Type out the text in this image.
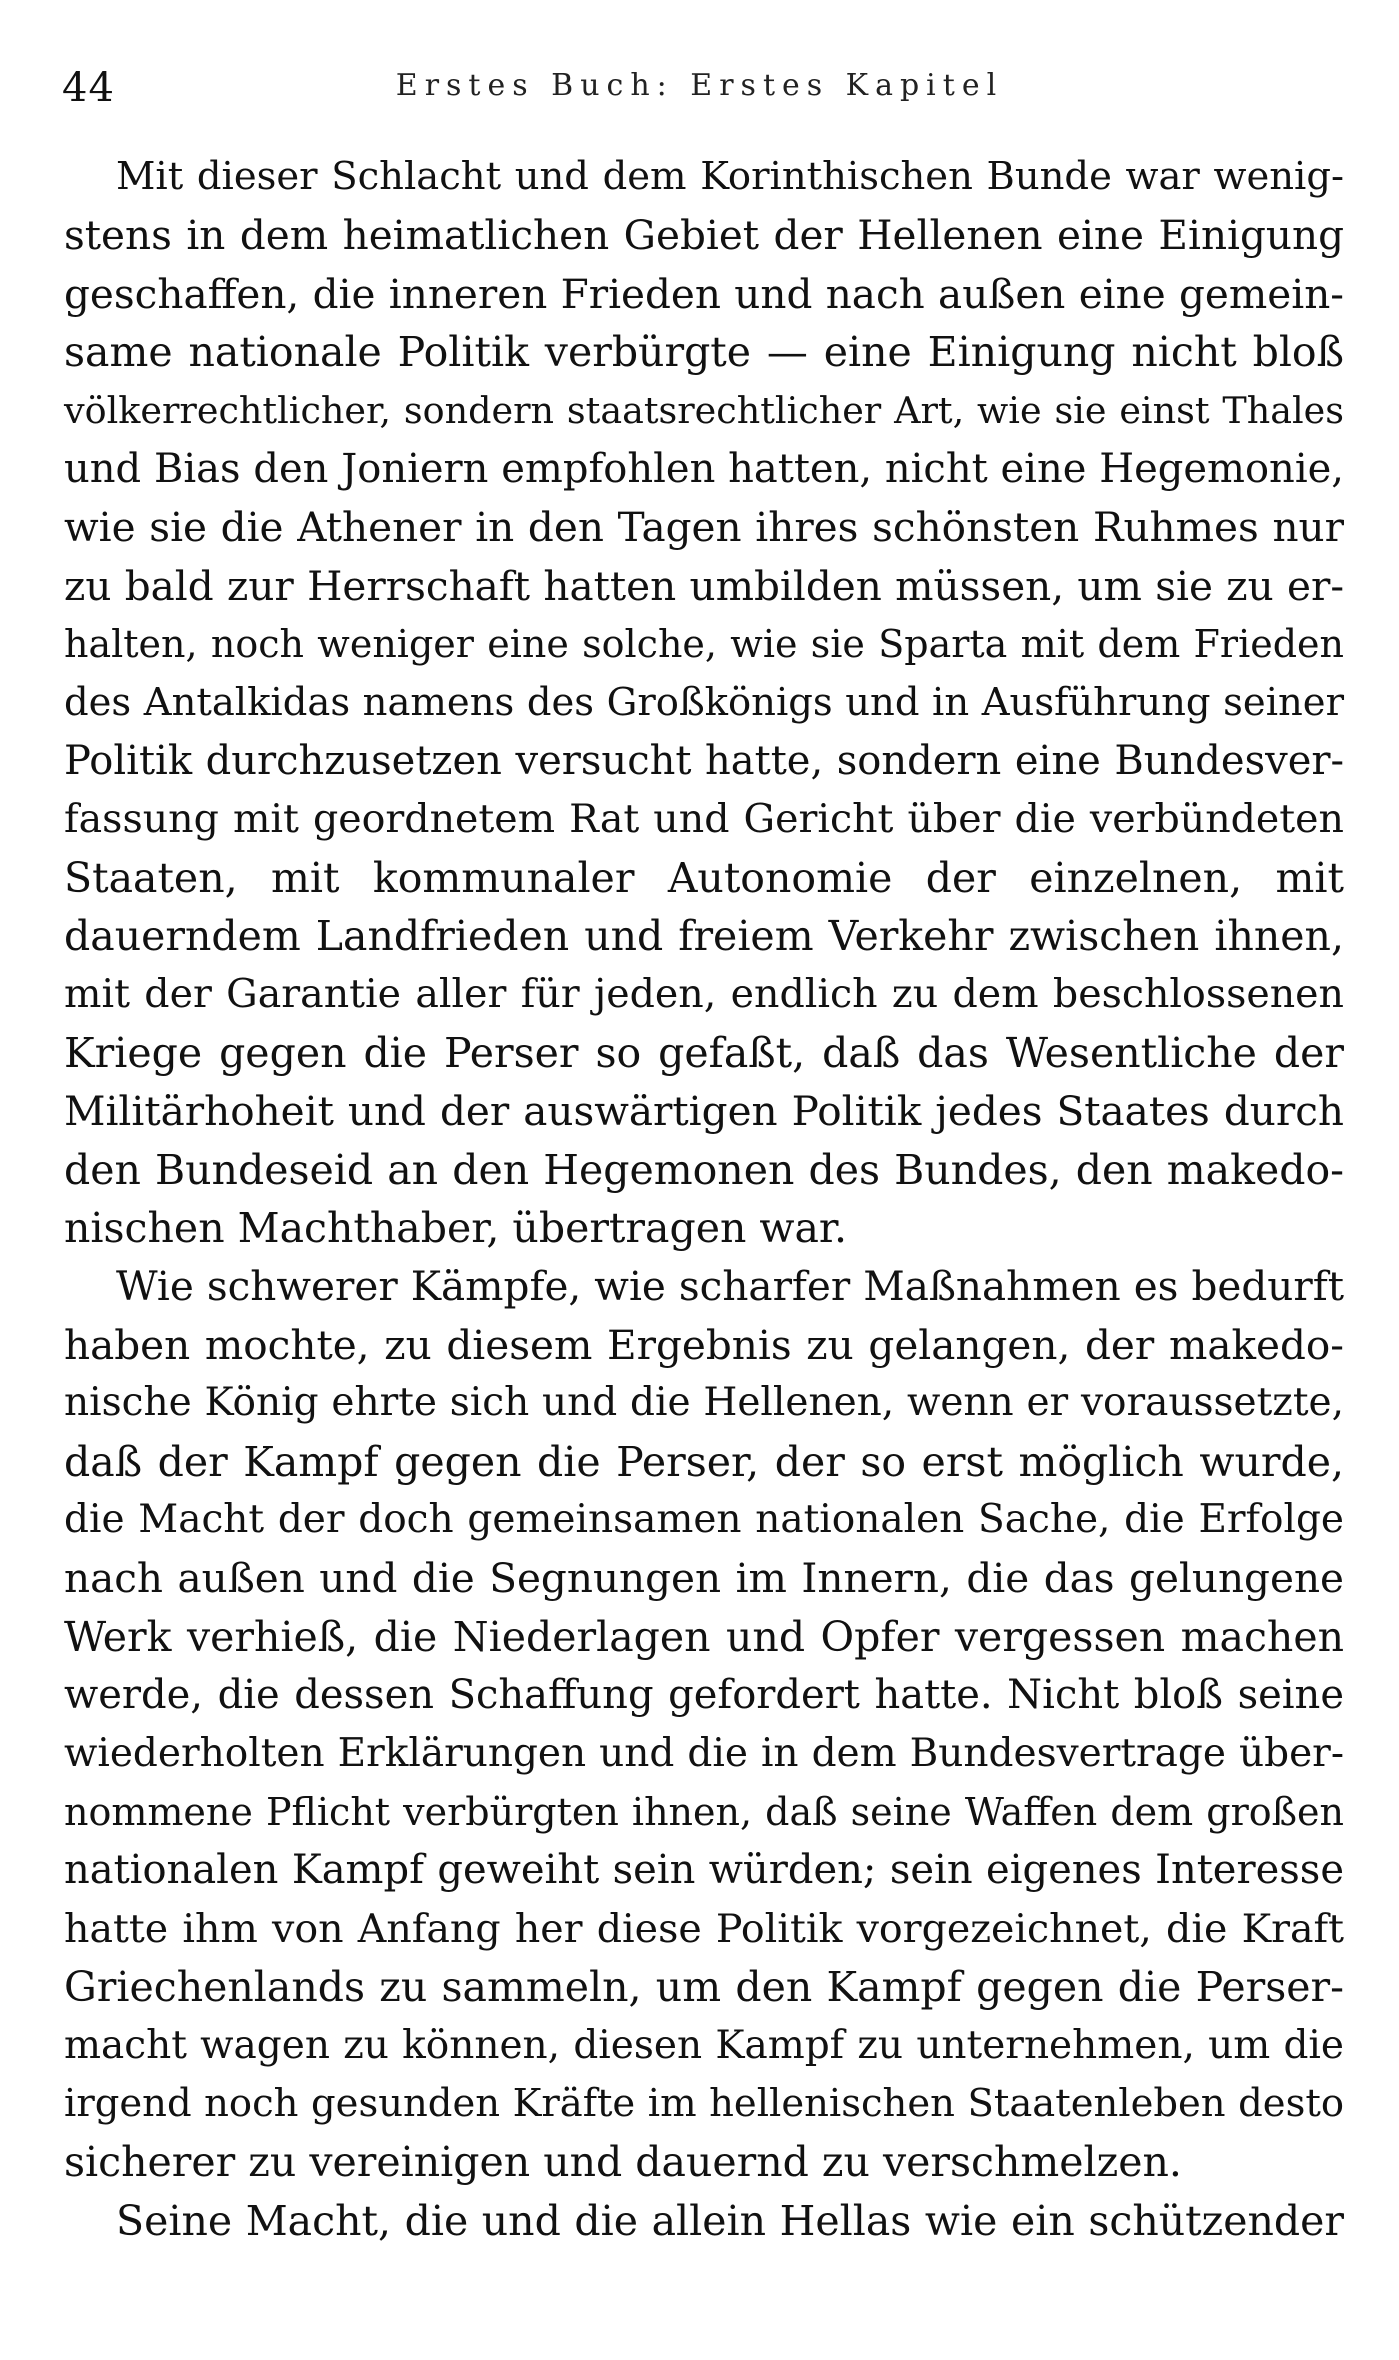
44	Erstes Buch: Erstes Kapitel
Mit dieser Schlacht und dem Korinthischen Bunde war wenig-
stens in dem heimatlichen Gebiet der Hellenen eine Einigung
geschaffen, die inneren Frieden und nach außen eine gemein-
same nationale Politik verbürgte — eine Einigung nicht bloß
völkerrechtlicher, sondern staatsrechtlicher Art, wie sie einst Thales
und Bias den Joniern empfohlen hatten, nicht eine Hegemonie,
wie sie die Athener in den Tagen ihres schönsten Ruhmes nur
zu bald zur Herrschaft hatten umbilden müssen, um sie zu er-
halten, noch weniger eine solche, wie sie Sparta mit dem Frieden
des Antalkidas namens des Großkönigs und in Ausführung seiner
Politik durchzusetzen versucht hatte, sondern eine Bundesver-
fassung mit geordnetem Rat und Gericht über die verbündeten
Staaten, mit kommunaler Autonomie der einzelnen, mit
dauerndem Landfrieden und freiem Verkehr zwischen ihnen,
mit der Garantie aller für jeden, endlich zu dem beschlossenen
Kriege gegen die Perser so gefaßt, daß das Wesentliche der
Militärhoheit und der auswärtigen Politik jedes Staates durch
den Bundeseid an den Hegemonen des Bundes, den makedo-
nischen Machthaber, übertragen war.
Wie schwerer Kämpfe, wie scharfer Maßnahmen es bedurft
haben mochte, zu diesem Ergebnis zu gelangen, der makedo-
nische König ehrte sich und die Hellenen, wenn er voraussetzte,
daß der Kampf gegen die Perser, der so erst möglich wurde,
die Macht der doch gemeinsamen nationalen Sache, die Erfolge
nach außen und die Segnungen im Innern, die das gelungene
Werk verhieß, die Niederlagen und Opfer vergessen machen
werde, die dessen Schaffung gefordert hatte. Nicht bloß seine
wiederholten Erklärungen und die in dem Bundesvertrage über-
nommene Pflicht verbürgten ihnen, daß seine Waffen dem großen
nationalen Kampf geweiht sein würden; sein eigenes Interesse
hatte ihm von Anfang her diese Politik vorgezeichnet, die Kraft
Griechenlands zu sammeln, um den Kampf gegen die Perser-
macht wagen zu können, diesen Kampf zu unternehmen, um die
irgend noch gesunden Kräfte im hellenischen Staatenleben desto
sicherer zu vereinigen und dauernd zu verschmelzen.
Seine Macht, die und die allein Hellas wie ein schützender
